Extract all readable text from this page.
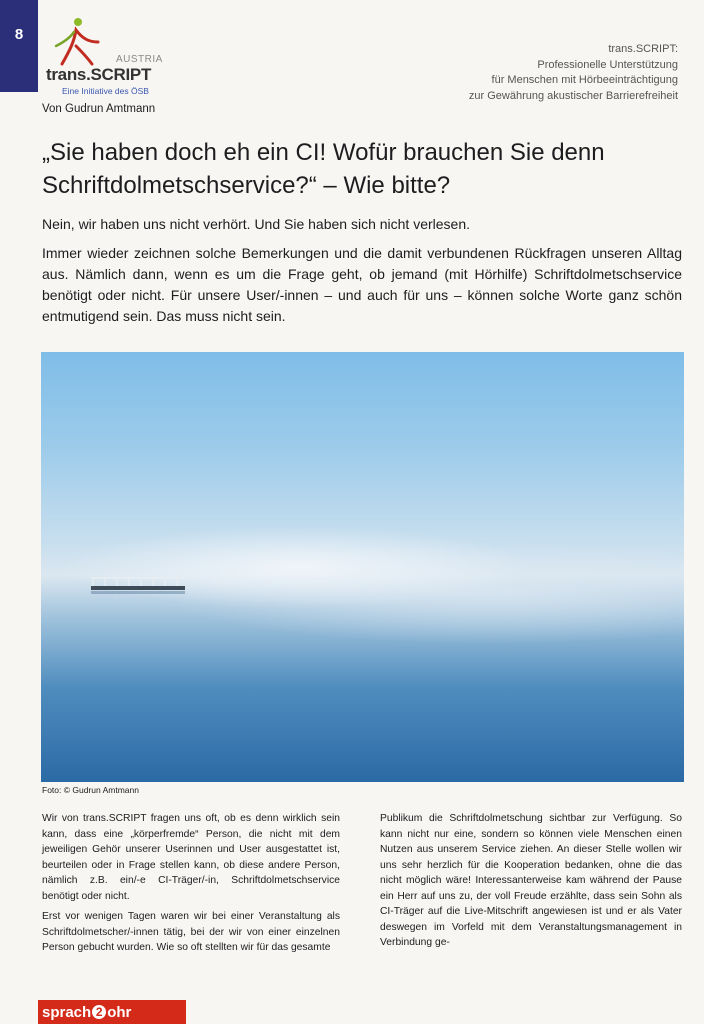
8
AUSTRIA
trans.SCRIPT
Eine Initiative des ÖSB
Von Gudrun Amtmann
trans.SCRIPT:
Professionelle Unterstützung
für Menschen mit Hörbeeinträchtigung
zur Gewährung akustischer Barrierefreiheit
„Sie haben doch eh ein CI! Wofür brauchen Sie denn Schriftdolmetschservice?“ – Wie bitte?

Nein, wir haben uns nicht verhört. Und Sie haben sich nicht verlesen.

Immer wieder zeichnen solche Bemerkungen und die damit verbundenen Rückfragen unseren Alltag aus. Nämlich dann, wenn es um die Frage geht, ob jemand (mit Hörhilfe) Schriftdolmetschservice benötigt oder nicht. Für unsere User/-innen – und auch für uns – können solche Worte ganz schön entmutigend sein. Das muss nicht sein.

Foto: © Gudrun Amtmann

Wir von trans.SCRIPT fragen uns oft, ob es denn wirklich sein kann, dass eine „körperfremde“ Person, die nicht mit dem jeweiligen Gehör unserer Userinnen und User ausgestattet ist, beurteilen oder in Frage stellen kann, ob diese andere Person, nämlich z.B. ein/-e CI-Träger/-in, Schriftdolmetschservice benötigt oder nicht.

Erst vor wenigen Tagen waren wir bei einer Veranstaltung als Schriftdolmetscher/-innen tätig, bei der wir von einer einzelnen Person gebucht wurden. Wie so oft stellten wir für das gesamte

Publikum die Schriftdolmetschung sichtbar zur Verfügung. So kann nicht nur eine, sondern so können viele Menschen einen Nutzen aus unserem Service ziehen. An dieser Stelle wollen wir uns sehr herzlich für die Kooperation bedanken, ohne die das nicht möglich wäre! Interessanterweise kam während der Pause ein Herr auf uns zu, der voll Freude erzählte, dass sein Sohn als CI-Träger auf die Live-Mitschrift angewiesen ist und er als Vater deswegen im Vorfeld mit dem Veranstaltungsmanagement in Verbindung ge-

sprach 2 ohr
